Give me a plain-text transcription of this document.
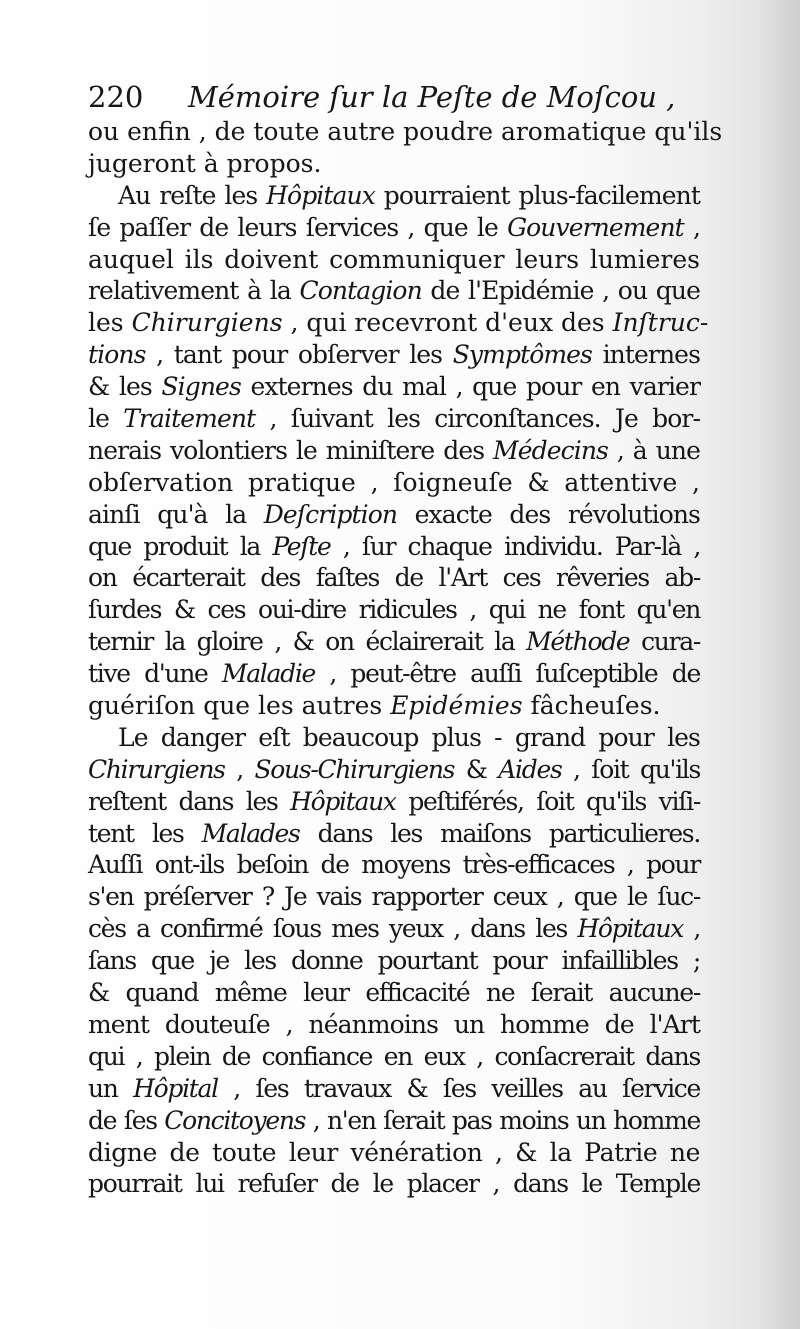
220 Mémoire ſur la Peſte de Moſcou ,
ou enfin , de toute autre poudre aromatique qu'ils
jugeront à propos.
Au reſte les Hôpitaux pourraient plus-facilement
ſe paſſer de leurs ſervices , que le Gouvernement ,
auquel ils doivent communiquer leurs lumieres
relativement à la Contagion de l'Epidémie , ou que
les Chirurgiens , qui recevront d'eux des Inſtruc-
tions , tant pour obſerver les Symptômes internes
& les Signes externes du mal , que pour en varier
le Traitement , ſuivant les circonſtances. Je bor-
nerais volontiers le miniſtere des Médecins , à une
obſervation pratique , ſoigneuſe & attentive ,
ainſi qu'à la Deſcription exacte des révolutions
que produit la Peſte , ſur chaque individu. Par-là ,
on écarterait des faſtes de l'Art ces rêveries ab-
ſurdes & ces oui-dire ridicules , qui ne font qu'en
ternir la gloire , & on éclairerait la Méthode cura-
tive d'une Maladie , peut-être auſſi ſuſceptible de
guériſon que les autres Epidémies fâcheuſes.
Le danger eſt beaucoup plus - grand pour les
Chirurgiens , Sous-Chirurgiens & Aides , ſoit qu'ils
reſtent dans les Hôpitaux peſtiférés, ſoit qu'ils viſi-
tent les Malades dans les maiſons particulieres.
Auſſi ont-ils beſoin de moyens très-efficaces , pour
s'en préſerver ? Je vais rapporter ceux , que le ſuc-
cès a confirmé ſous mes yeux , dans les Hôpitaux ,
ſans que je les donne pourtant pour infaillibles ;
& quand même leur efficacité ne ſerait aucune-
ment douteuſe , néanmoins un homme de l'Art
qui , plein de confiance en eux , conſacrerait dans
un Hôpital , ſes travaux & ſes veilles au ſervice
de ſes Concitoyens , n'en ſerait pas moins un homme
digne de toute leur vénération , & la Patrie ne
pourrait lui refuſer de le placer , dans le Temple
